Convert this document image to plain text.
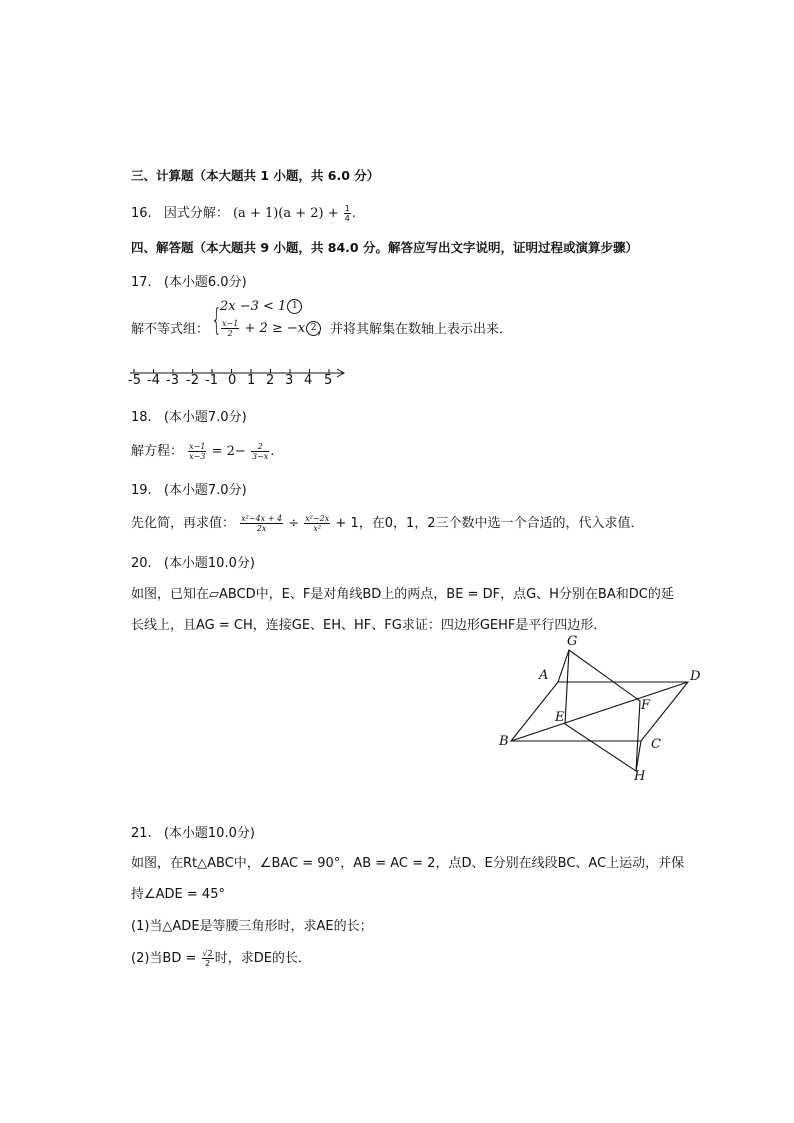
三、计算题（本大题共 1 小题，共 6.0 分）
16. 因式分解： $(a + 1)(a + 2) + \frac{1}{4}$ .
四、解答题（本大题共 9 小题，共 84.0 分。解答应写出文字说明，证明过程或演算步骤）
17. (本小题6.0分)
解不等式组： {
2x −3 < 1 1
$\frac{x-1}{2} + 2 \ge -x$ 2 ，并将其解集在数轴上表示出来．
-5 -4 -3 -2 -1 0 1 2 3 4 5
18. (本小题7.0分)
解方程： $\frac{x-1}{x-3} = 2- \frac{2}{3-x}$ .
19. (本小题7.0分)
先化简，再求值： $\frac{\text{x²−4x + 4}}{2x} \div \frac{\text{x²−2x}}{\text{x²}} + 1$，在0，1，2三个数中选一个合适的，代入求值．
20. (本小题10.0分)
如图，已知在▱ABCD中，E、F是对角线BD上的两点，BE = DF，点G、H分别在BA和DC的延
长线上，且AG = CH，连接GE、EH、HF、FG求证：四边形GEHF是平行四边形．
G
A	D
F
E
B	C
H
21. (本小题10.0分)
如图，在Rt△ABC中，∠BAC = 90°，AB = AC = 2，点D、E分别在线段BC、AC上运动，并保
持∠ADE = 45°
(1)当△ADE是等腰三角形时，求AE的长；
(2)当BD = $\frac{√2}{2}$ 时，求DE的长．
